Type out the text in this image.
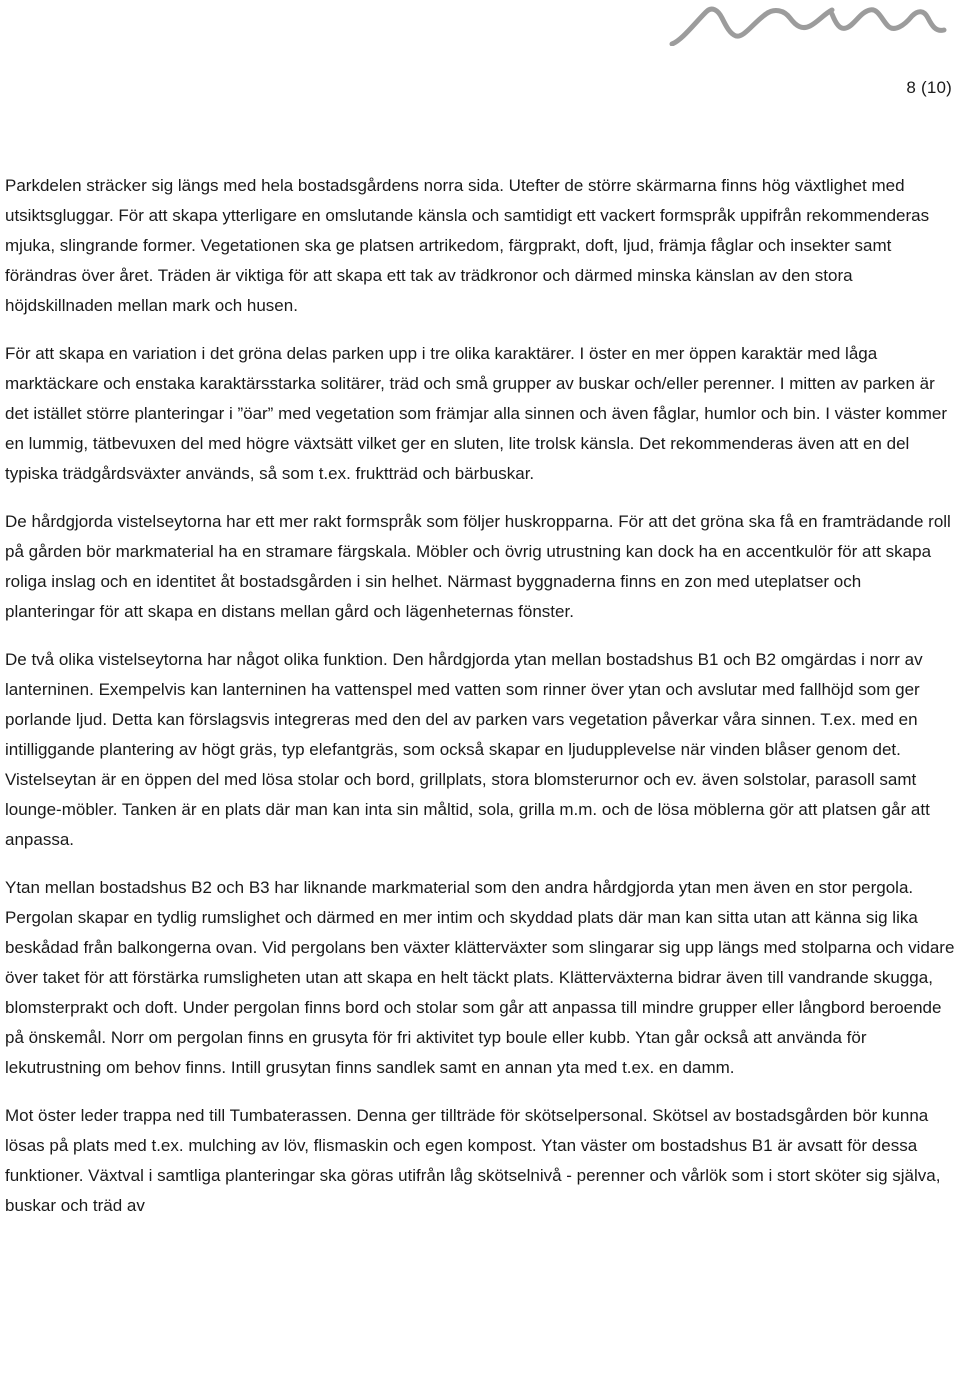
8 (10)

Parkdelen sträcker sig längs med hela bostadsgårdens norra sida. Utefter de större skärmarna finns hög växtlighet med utsiktsgluggar. För att skapa ytterligare en omslutande känsla och samtidigt ett vackert formspråk uppifrån rekommenderas mjuka, slingrande former. Vegetationen ska ge platsen artrikedom, färgprakt, doft, ljud, främja fåglar och insekter samt förändras över året. Träden är viktiga för att skapa ett tak av trädkronor och därmed minska känslan av den stora höjdskillnaden mellan mark och husen.

För att skapa en variation i det gröna delas parken upp i tre olika karaktärer. I öster en mer öppen karaktär med låga marktäckare och enstaka karaktärsstarka solitärer, träd och små grupper av buskar och/eller perenner. I mitten av parken är det istället större planteringar i ”öar” med vegetation som främjar alla sinnen och även fåglar, humlor och bin. I väster kommer en lummig, tätbevuxen del med högre växtsätt vilket ger en sluten, lite trolsk känsla. Det rekommenderas även att en del typiska trädgårdsväxter används, så som t.ex. fruktträd och bärbuskar.

De hårdgjorda vistelseytorna har ett mer rakt formspråk som följer huskropparna. För att det gröna ska få en framträdande roll på gården bör markmaterial ha en stramare färgskala. Möbler och övrig utrustning kan dock ha en accentkulör för att skapa roliga inslag och en identitet åt bostadsgården i sin helhet. Närmast byggnaderna finns en zon med uteplatser och planteringar för att skapa en distans mellan gård och lägenheternas fönster.

De två olika vistelseytorna har något olika funktion. Den hårdgjorda ytan mellan bostadshus B1 och B2 omgärdas i norr av lanterninen. Exempelvis kan lanterninen ha vattenspel med vatten som rinner över ytan och avslutar med fallhöjd som ger porlande ljud. Detta kan förslagsvis integreras med den del av parken vars vegetation påverkar våra sinnen. T.ex. med en intilliggande plantering av högt gräs, typ elefantgräs, som också skapar en ljudupplevelse när vinden blåser genom det. Vistelseytan är en öppen del med lösa stolar och bord, grillplats, stora blomsterurnor och ev. även solstolar, parasoll samt lounge-möbler. Tanken är en plats där man kan inta sin måltid, sola, grilla m.m. och de lösa möblerna gör att platsen går att anpassa.

Ytan mellan bostadshus B2 och B3 har liknande markmaterial som den andra hårdgjorda ytan men även en stor pergola. Pergolan skapar en tydlig rumslighet och därmed en mer intim och skyddad plats där man kan sitta utan att känna sig lika beskådad från balkongerna ovan. Vid pergolans ben växter klätterväxter som slingarar sig upp längs med stolparna och vidare över taket för att förstärka rumsligheten utan att skapa en helt täckt plats. Klätterväxterna bidrar även till vandrande skugga, blomsterprakt och doft. Under pergolan finns bord och stolar som går att anpassa till mindre grupper eller långbord beroende på önskemål. Norr om pergolan finns en grusyta för fri aktivitet typ boule eller kubb. Ytan går också att använda för lekutrustning om behov finns. Intill grusytan finns sandlek samt en annan yta med t.ex. en damm.

Mot öster leder trappa ned till Tumbaterassen. Denna ger tillträde för skötselpersonal. Skötsel av bostadsgården bör kunna lösas på plats med t.ex. mulching av löv, flismaskin och egen kompost. Ytan väster om bostadshus B1 är avsatt för dessa funktioner. Växtval i samtliga planteringar ska göras utifrån låg skötselnivå - perenner och vårlök som i stort sköter sig själva, buskar och träd av
